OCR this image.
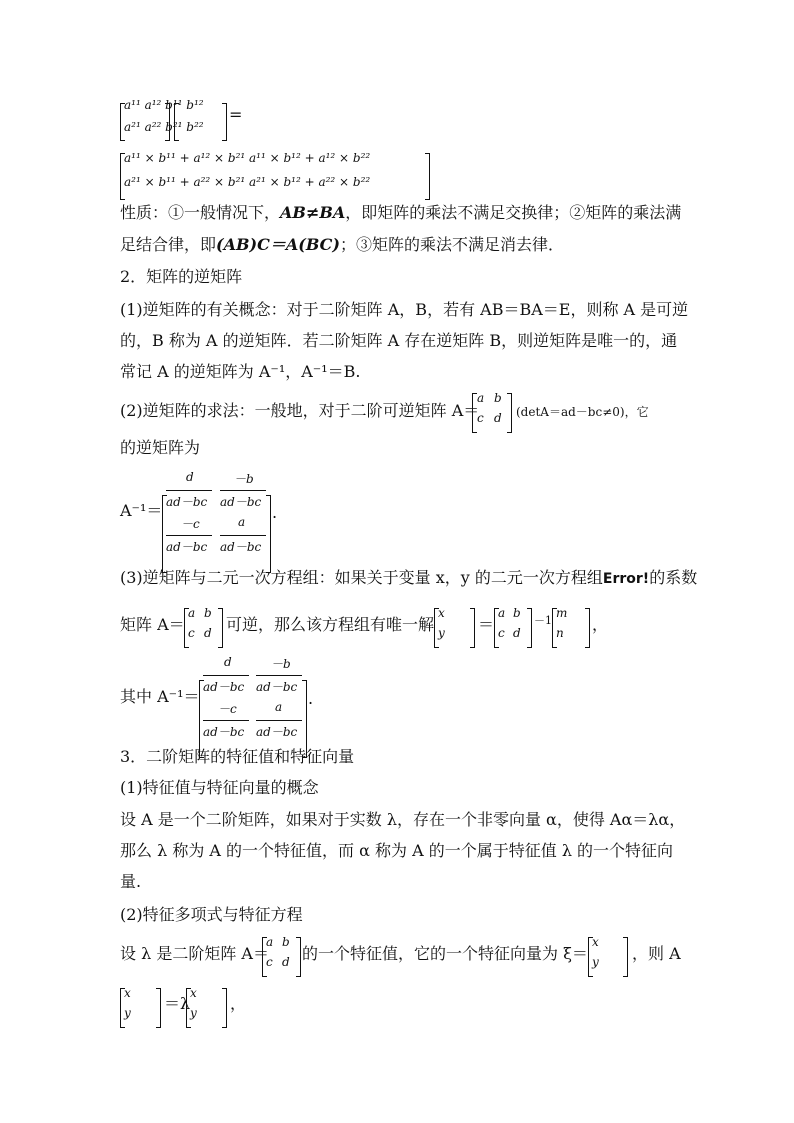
a¹¹ a¹² b¹¹ b¹²
a²¹ a²² b²¹ b²²
=
a¹¹ × b¹¹ + a¹² × b²¹ a¹¹ × b¹² + a¹² × b²²
a²¹ × b¹¹ + a²² × b²¹ a²¹ × b¹² + a²² × b²²
性质：①一般情况下，AB≠BA，即矩阵的乘法不满足交换律；②矩阵的乘法满
足结合律，即(AB)C＝A(BC)；③矩阵的乘法不满足消去律．
2．矩阵的逆矩阵
(1)逆矩阵的有关概念：对于二阶矩阵 A，B，若有 AB＝BA＝E，则称 A 是可逆
的，B 称为 A 的逆矩阵．若二阶矩阵 A 存在逆矩阵 B，则逆矩阵是唯一的，通
常记 A 的逆矩阵为 A⁻¹，A⁻¹＝B.
(2)逆矩阵的求法：一般地，对于二阶可逆矩阵 A＝
a b
c d (detA＝ad－bc≠0)，它
的逆矩阵为
A⁻¹＝
d
ad－bc
－b
ad－bc
－c
ad－bc
a
ad－bc
.
(3)逆矩阵与二元一次方程组：如果关于变量 x，y 的二元一次方程组Error!的系数
矩阵 A＝
a b
c d 可逆，那么该方程组有唯一解
x
y ＝
a b
c d
－1
m
n ，
其中 A⁻¹＝
d
ad－bc
－b
ad－bc
－c
ad－bc
a
ad－bc
.
3．二阶矩阵的特征值和特征向量
(1)特征值与特征向量的概念
设 A 是一个二阶矩阵，如果对于实数 λ，存在一个非零向量 α，使得 Aα＝λα，
那么 λ 称为 A 的一个特征值，而 α 称为 A 的一个属于特征值 λ 的一个特征向
量.
(2)特征多项式与特征方程
设 λ 是二阶矩阵 A＝
a b
c d 的一个特征值，它的一个特征向量为 ξ＝
x
y ，则 A
x
y ＝λ
x
y ，
